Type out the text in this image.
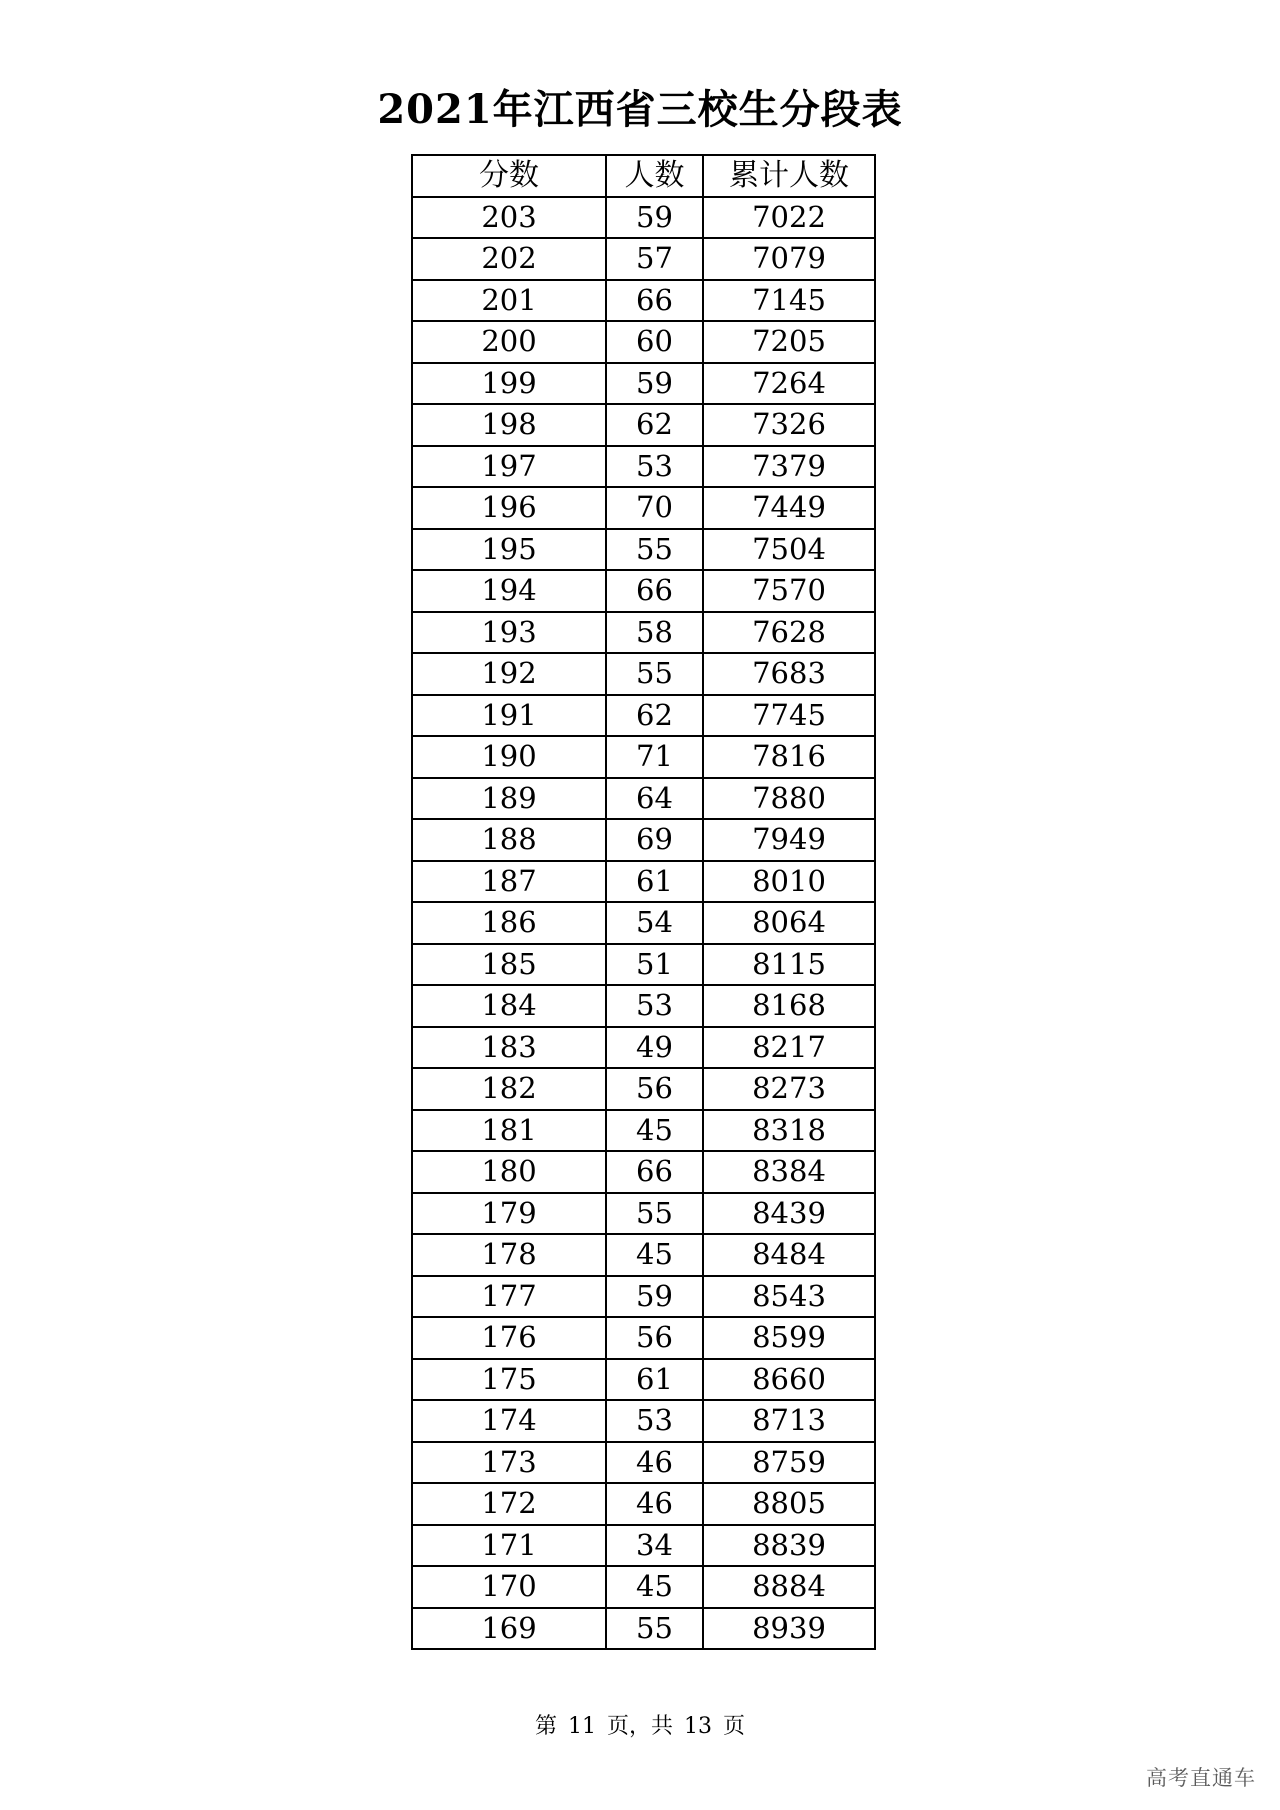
2021年江西省三校生分段表
分数	人数	累计人数
203	59	7022
202	57	7079
201	66	7145
200	60	7205
199	59	7264
198	62	7326
197	53	7379
196	70	7449
195	55	7504
194	66	7570
193	58	7628
192	55	7683
191	62	7745
190	71	7816
189	64	7880
188	69	7949
187	61	8010
186	54	8064
185	51	8115
184	53	8168
183	49	8217
182	56	8273
181	45	8318
180	66	8384
179	55	8439
178	45	8484
177	59	8543
176	56	8599
175	61	8660
174	53	8713
173	46	8759
172	46	8805
171	34	8839
170	45	8884
169	55	8939
第 11 页，共 13 页
高考直通车
